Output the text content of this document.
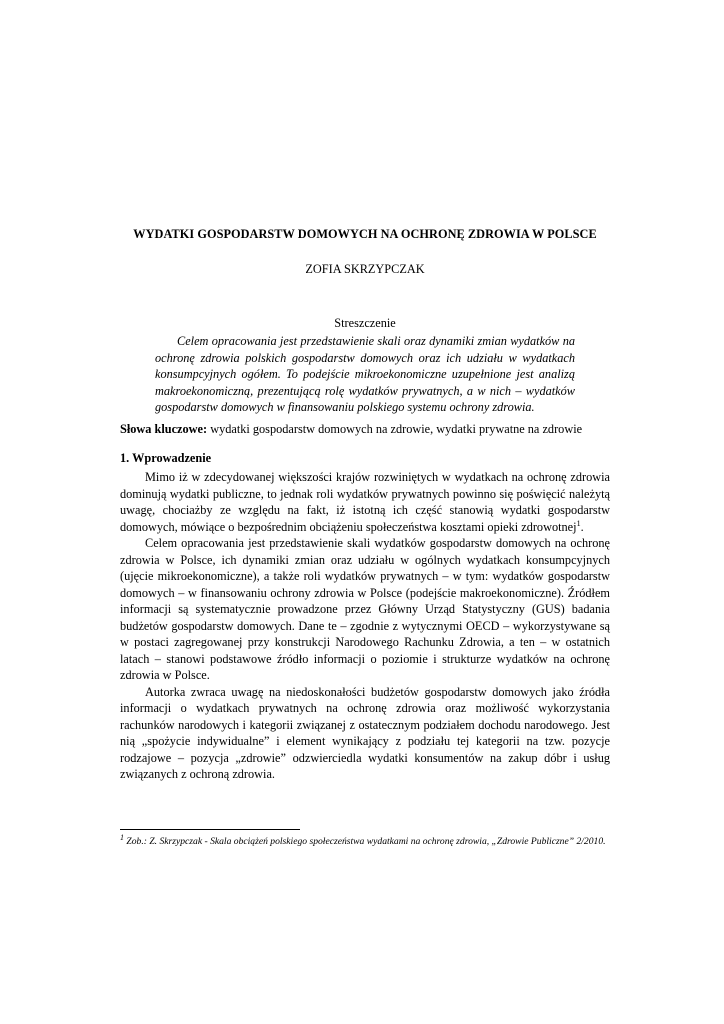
WYDATKI GOSPODARSTW DOMOWYCH NA OCHRONĘ ZDROWIA W POLSCE
ZOFIA SKRZYPCZAK
Streszczenie
Celem opracowania jest przedstawienie skali oraz dynamiki zmian wydatków na ochronę zdrowia polskich gospodarstw domowych oraz ich udziału w wydatkach konsumpcyjnych ogółem. To podejście mikroekonomiczne uzupełnione jest analizą makroekonomiczną, prezentującą rolę wydatków prywatnych, a w nich – wydatków gospodarstw domowych w finansowaniu polskiego systemu ochrony zdrowia.
Słowa kluczowe: wydatki gospodarstw domowych na zdrowie, wydatki prywatne na zdrowie
1. Wprowadzenie

Mimo iż w zdecydowanej większości krajów rozwiniętych w wydatkach na ochronę zdrowia dominują wydatki publiczne, to jednak roli wydatków prywatnych powinno się poświęcić należytą uwagę, chociażby ze względu na fakt, iż istotną ich część stanowią wydatki gospodarstw domowych, mówiące o bezpośrednim obciążeniu społeczeństwa kosztami opieki zdrowotnej$^1$.

Celem opracowania jest przedstawienie skali wydatków gospodarstw domowych na ochronę zdrowia w Polsce, ich dynamiki zmian oraz udziału w ogólnych wydatkach konsumpcyjnych (ujęcie mikroekonomiczne), a także roli wydatków prywatnych – w tym: wydatków gospodarstw domowych – w finansowaniu ochrony zdrowia w Polsce (podejście makroekonomiczne). Źródłem informacji są systematycznie prowadzone przez Główny Urząd Statystyczny (GUS) badania budżetów gospodarstw domowych. Dane te – zgodnie z wytycznymi OECD – wykorzystywane są w postaci zagregowanej przy konstrukcji Narodowego Rachunku Zdrowia, a ten – w ostatnich latach – stanowi podstawowe źródło informacji o poziomie i strukturze wydatków na ochronę zdrowia w Polsce.

Autorka zwraca uwagę na niedoskonałości budżetów gospodarstw domowych jako źródła informacji o wydatkach prywatnych na ochronę zdrowia oraz możliwość wykorzystania rachunków narodowych i kategorii związanej z ostatecznym podziałem dochodu narodowego. Jest nią „spożycie indywidualne” i element wynikający z podziału tej kategorii na tzw. pozycje rodzajowe – pozycja „zdrowie” odzwierciedla wydatki konsumentów na zakup dóbr i usług związanych z ochroną zdrowia.

$^1$ Zob.: Z. Skrzypczak - Skala obciążeń polskiego społeczeństwa wydatkami na ochronę zdrowia, „Zdrowie Publiczne” 2/2010.
